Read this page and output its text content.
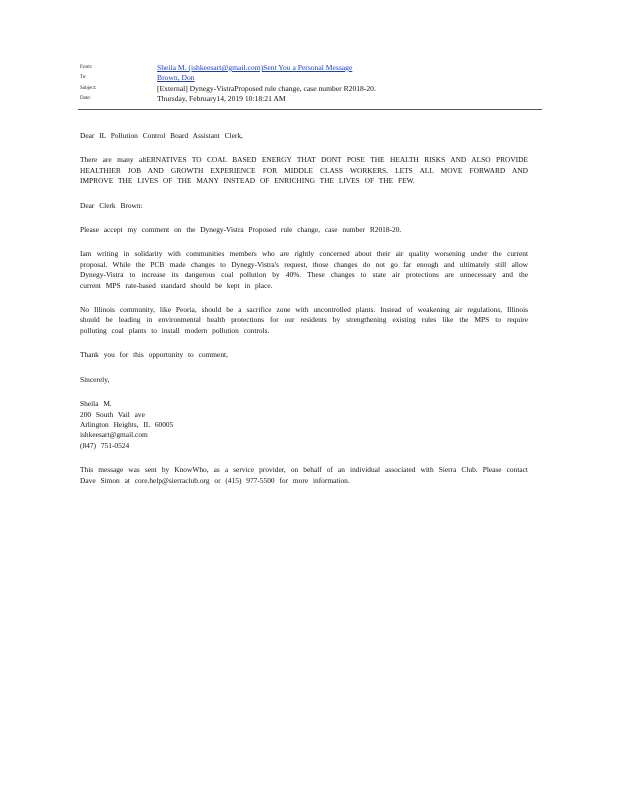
From:	Sheila M. (ishkeesart@gmail.com)Sent You a Personal Message
To:	Brown, Don
Subject:	[External] Dynegy-VistraProposed rule change, case number R2018-20.
Date:	Thursday, February14, 2019 10:18:21 AM

Dear IL Pollution Control Board Assistant Clerk,

There are many altERNATIVES TO COAL BASED ENERGY THAT DONT POSE THE HEALTH RISKS AND ALSO PROVIDE HEALTHIER JOB AND GROWTH EXPERIENCE FOR MIDDLE CLASS WORKERS. LETS ALL MOVE FORWARD AND IMPROVE THE LIVES OF THE MANY INSTEAD OF ENRICHING THE LIVES OF THE FEW.

Dear Clerk Brown:

Please accept my comment on the Dynegy-Vistra Proposed rule change, case number R2018-20.

Iam writing in solidarity with communities members who are rightly concerned about their air quality worsening under the current proposal. While the PCB made changes to Dynegy-Vistra's request, those changes do not go far enough and ultimately still allow Dynegy-Vistra to increase its dangerous coal pollution by 40%. These changes to state air protections are unnecessary and the current MPS rate-based standard should be kept in place.

No Illinois community, like Peoria, should be a sacrifice zone with uncontrolled plants. Instead of weakening air regulations, Illinois should be leading in environmental health protections for our residents by strengthening existing rules like the MPS to require polluting coal plants to install modern pollution controls.

Thank you for this opportunity to comment,

Sincerely,

Sheila M.
200 South Vail ave
Arlington Heights, IL 60005
ishkeesart@gmail.com
(847) 751-0524

This message was sent by KnowWho, as a service provider, on behalf of an individual associated with Sierra Club. Please contact Dave Simon at core.help@sierraclub.org or (415) 977-5500 for more information.
